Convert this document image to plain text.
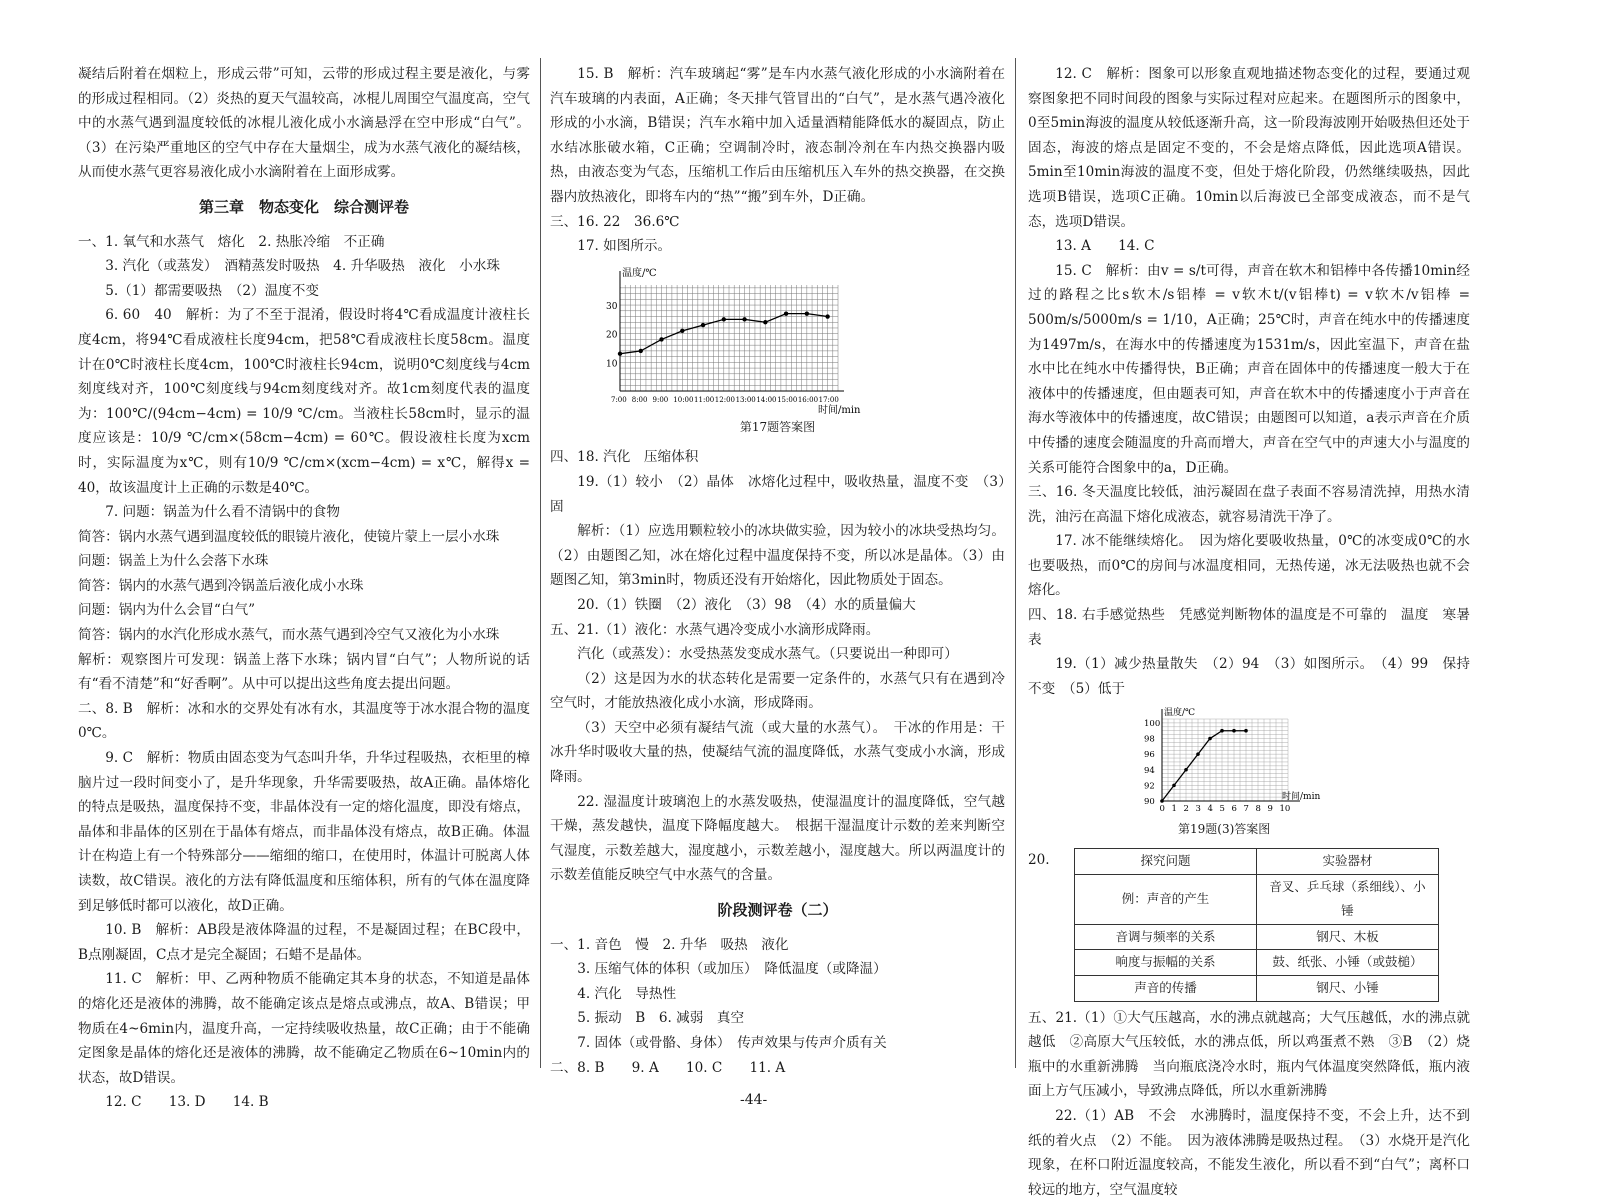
凝结后附着在烟粒上，形成云带”可知，云带的形成过程主要是液化，与雾的形成过程相同。（2）炎热的夏天气温较高，冰棍儿周围空气温度高，空气中的水蒸气遇到温度较低的冰棍儿液化成小水滴悬浮在空中形成“白气”。（3）在污染严重地区的空气中存在大量烟尘，成为水蒸气液化的凝结核，从而使水蒸气更容易液化成小水滴附着在上面形成雾。

第三章　物态变化　综合测评卷

一、1. 氧气和水蒸气　熔化　2. 热胀冷缩　不正确

3. 汽化（或蒸发）　酒精蒸发时吸热　4. 升华吸热　液化　小水珠

5.（1）都需要吸热　（2）温度不变

6. 60　40　解析：为了不至于混淆，假设时将4℃看成温度计液柱长度4cm，将94℃看成液柱长度94cm，把58℃看成液柱长度58cm。温度计在0℃时液柱长度4cm，100℃时液柱长94cm，说明0℃刻度线与4cm刻度线对齐，100℃刻度线与94cm刻度线对齐。故1cm刻度代表的温度为：100℃/(94cm−4cm) = 10/9 ℃/cm。当液柱长58cm时，显示的温度应该是：10/9 ℃/cm×(58cm−4cm) = 60℃。假设液柱长度为xcm时，实际温度为x℃，则有10/9 ℃/cm×(xcm−4cm) = x℃，解得x = 40，故该温度计上正确的示数是40℃。

7. 问题：锅盖为什么看不清锅中的食物

简答：锅内水蒸气遇到温度较低的眼镜片液化，使镜片蒙上一层小水珠

问题：锅盖上为什么会落下水珠

简答：锅内的水蒸气遇到冷锅盖后液化成小水珠

问题：锅内为什么会冒“白气”

简答：锅内的水汽化形成水蒸气，而水蒸气遇到冷空气又液化为小水珠

解析：观察图片可发现：锅盖上落下水珠；锅内冒“白气”；人物所说的话有“看不清楚”和“好香啊”。从中可以提出这些角度去提出问题。

二、8. B　解析：冰和水的交界处有冰有水，其温度等于冰水混合物的温度0℃。

9. C　解析：物质由固态变为气态叫升华，升华过程吸热，衣柜里的樟脑片过一段时间变小了，是升华现象，升华需要吸热，故A正确。晶体熔化的特点是吸热，温度保持不变，非晶体没有一定的熔化温度，即没有熔点，晶体和非晶体的区别在于晶体有熔点，而非晶体没有熔点，故B正确。体温计在构造上有一个特殊部分——缩细的缩口，在使用时，体温计可脱离人体读数，故C错误。液化的方法有降低温度和压缩体积，所有的气体在温度降到足够低时都可以液化，故D正确。

10. B　解析：AB段是液体降温的过程，不是凝固过程；在BC段中，B点刚凝固，C点才是完全凝固；石蜡不是晶体。

11. C　解析：甲、乙两种物质不能确定其本身的状态，不知道是晶体的熔化还是液体的沸腾，故不能确定该点是熔点或沸点，故A、B错误；甲物质在4~6min内，温度升高，一定持续吸收热量，故C正确；由于不能确定图象是晶体的熔化还是液体的沸腾，故不能确定乙物质在6~10min内的状态，故D错误。

12. C　　13. D　　14. B

15. B　解析：汽车玻璃起“雾”是车内水蒸气液化形成的小水滴附着在汽车玻璃的内表面，A正确；冬天排气管冒出的“白气”，是水蒸气遇冷液化形成的小水滴，B错误；汽车水箱中加入适量酒精能降低水的凝固点，防止水结冰胀破水箱，C正确；空调制冷时，液态制冷剂在车内热交换器内吸热，由液态变为气态，压缩机工作后由压缩机压入车外的热交换器，在交换器内放热液化，即将车内的“热”“搬”到车外，D正确。

三、16. 22　36.6℃

17. 如图所示。

温度/℃
时间/min
10
20
30
7:00 8:00 9:00 10:00 11:00 12:00 13:00 14:00 15:00 16:00 17:00

第17题答案图

四、18. 汽化　压缩体积

19.（1）较小　（2）晶体　冰熔化过程中，吸收热量，温度不变　（3）固

解析：（1）应选用颗粒较小的冰块做实验，因为较小的冰块受热均匀。（2）由题图乙知，冰在熔化过程中温度保持不变，所以冰是晶体。（3）由题图乙知，第3min时，物质还没有开始熔化，因此物质处于固态。

20.（1）铁圈　（2）液化　（3）98　（4）水的质量偏大

五、21.（1）液化：水蒸气遇冷变成小水滴形成降雨。

汽化（或蒸发）：水受热蒸发变成水蒸气。（只要说出一种即可）

（2）这是因为水的状态转化是需要一定条件的，水蒸气只有在遇到冷空气时，才能放热液化成小水滴，形成降雨。

（3）天空中必须有凝结气流（或大量的水蒸气）。　干冰的作用是：干冰升华时吸收大量的热，使凝结气流的温度降低，水蒸气变成小水滴，形成降雨。

22. 湿温度计玻璃泡上的水蒸发吸热，使湿温度计的温度降低，空气越干燥，蒸发越快，温度下降幅度越大。　根据干湿温度计示数的差来判断空气湿度，示数差越大，湿度越小，示数差越小，湿度越大。所以两温度计的示数差值能反映空气中水蒸气的含量。

阶段测评卷（二）

一、1. 音色　慢　2. 升华　吸热　液化

3. 压缩气体的体积（或加压）　降低温度（或降温）

4. 汽化　导热性

5. 振动　B　6. 减弱　真空

7. 固体（或骨骼、身体）　传声效果与传声介质有关

二、8. B　　9. A　　10. C　　11. A

12. C　解析：图象可以形象直观地描述物态变化的过程，要通过观察图象把不同时间段的图象与实际过程对应起来。在题图所示的图象中，0至5min海波的温度从较低逐渐升高，这一阶段海波刚开始吸热但还处于固态，海波的熔点是固定不变的，不会是熔点降低，因此选项A错误。5min至10min海波的温度不变，但处于熔化阶段，仍然继续吸热，因此选项B错误，选项C正确。10min以后海波已全部变成液态，而不是气态，选项D错误。

13. A　　14. C

15. C　解析：由v = s/t可得，声音在软木和铝棒中各传播10min经过的路程之比s软木/s铝棒 = v软木t/(v铝棒t) = v软木/v铝棒 = 500m/s/5000m/s = 1/10，A正确；25℃时，声音在纯水中的传播速度为1497m/s，在海水中的传播速度为1531m/s，因此室温下，声音在盐水中比在纯水中传播得快，B正确；声音在固体中的传播速度一般大于在液体中的传播速度，但由题表可知，声音在软木中的传播速度小于声音在海水等液体中的传播速度，故C错误；由题图可以知道，a表示声音在介质中传播的速度会随温度的升高而增大，声音在空气中的声速大小与温度的关系可能符合图象中的a，D正确。

三、16. 冬天温度比较低，油污凝固在盘子表面不容易清洗掉，用热水清洗，油污在高温下熔化成液态，就容易清洗干净了。

17. 冰不能继续熔化。　因为熔化要吸收热量，0℃的冰变成0℃的水也要吸热，而0℃的房间与冰温度相同，无热传递，冰无法吸热也就不会熔化。

四、18. 右手感觉热些　凭感觉判断物体的温度是不可靠的　温度　寒暑表

19.（1）减少热量散失　（2）94　（3）如图所示。　（4）99　保持不变　（5）低于

温度/℃
时间/min
90
92
94
96
98
100
0 1 2 3 4 5 6 7 8 9 10

第19题(3)答案图

20.	探究问题	实验器材
例：声音的产生	音叉、乒乓球（系细线）、小锤
音调与频率的关系	钢尺、木板
响度与振幅的关系	鼓、纸张、小锤（或鼓槌）
声音的传播	钢尺、小锤

五、21.（1）①大气压越高，水的沸点就越高；大气压越低，水的沸点就越低　②高原大气压较低，水的沸点低，所以鸡蛋煮不熟　③B　（2）烧瓶中的水重新沸腾　当向瓶底浇冷水时，瓶内气体温度突然降低，瓶内液面上方气压减小，导致沸点降低，所以水重新沸腾

22.（1）AB　不会　水沸腾时，温度保持不变，不会上升，达不到纸的着火点　（2）不能。　因为液体沸腾是吸热过程。　（3）水烧开是汽化现象，在杯口附近温度较高，不能发生液化，所以看不到“白气”；离杯口较远的地方，空气温度较

-44-
